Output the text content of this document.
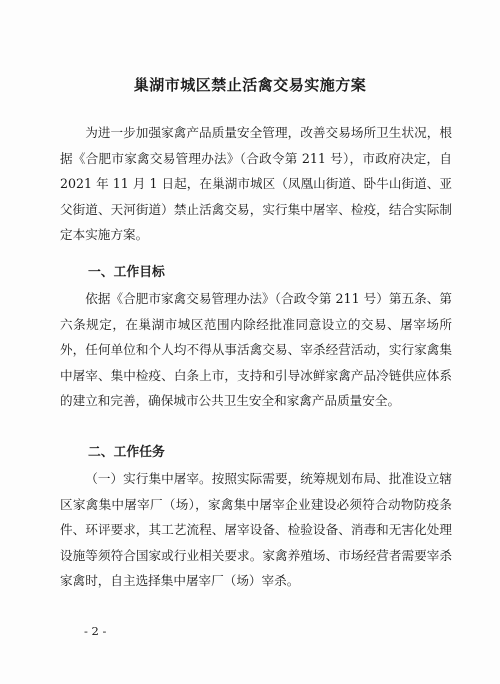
巢湖市城区禁止活禽交易实施方案

为进一步加强家禽产品质量安全管理，改善交易场所卫生状况，根据《合肥市家禽交易管理办法》（合政令第 211 号），市政府决定，自 2021 年 11 月 1 日起，在巢湖市城区（凤凰山街道、卧牛山街道、亚父街道、天河街道）禁止活禽交易，实行集中屠宰、检疫，结合实际制定本实施方案。

一、工作目标

依据《合肥市家禽交易管理办法》（合政令第 211 号）第五条、第六条规定，在巢湖市城区范围内除经批准同意设立的交易、屠宰场所外，任何单位和个人均不得从事活禽交易、宰杀经营活动，实行家禽集中屠宰、集中检疫、白条上市，支持和引导冰鲜家禽产品冷链供应体系的建立和完善，确保城市公共卫生安全和家禽产品质量安全。

二、工作任务

（一）实行集中屠宰。按照实际需要，统筹规划布局、批准设立辖区家禽集中屠宰厂（场），家禽集中屠宰企业建设必须符合动物防疫条件、环评要求，其工艺流程、屠宰设备、检验设备、消毒和无害化处理设施等须符合国家或行业相关要求。家禽养殖场、市场经营者需要宰杀家禽时，自主选择集中屠宰厂（场）宰杀。

- 2 -
